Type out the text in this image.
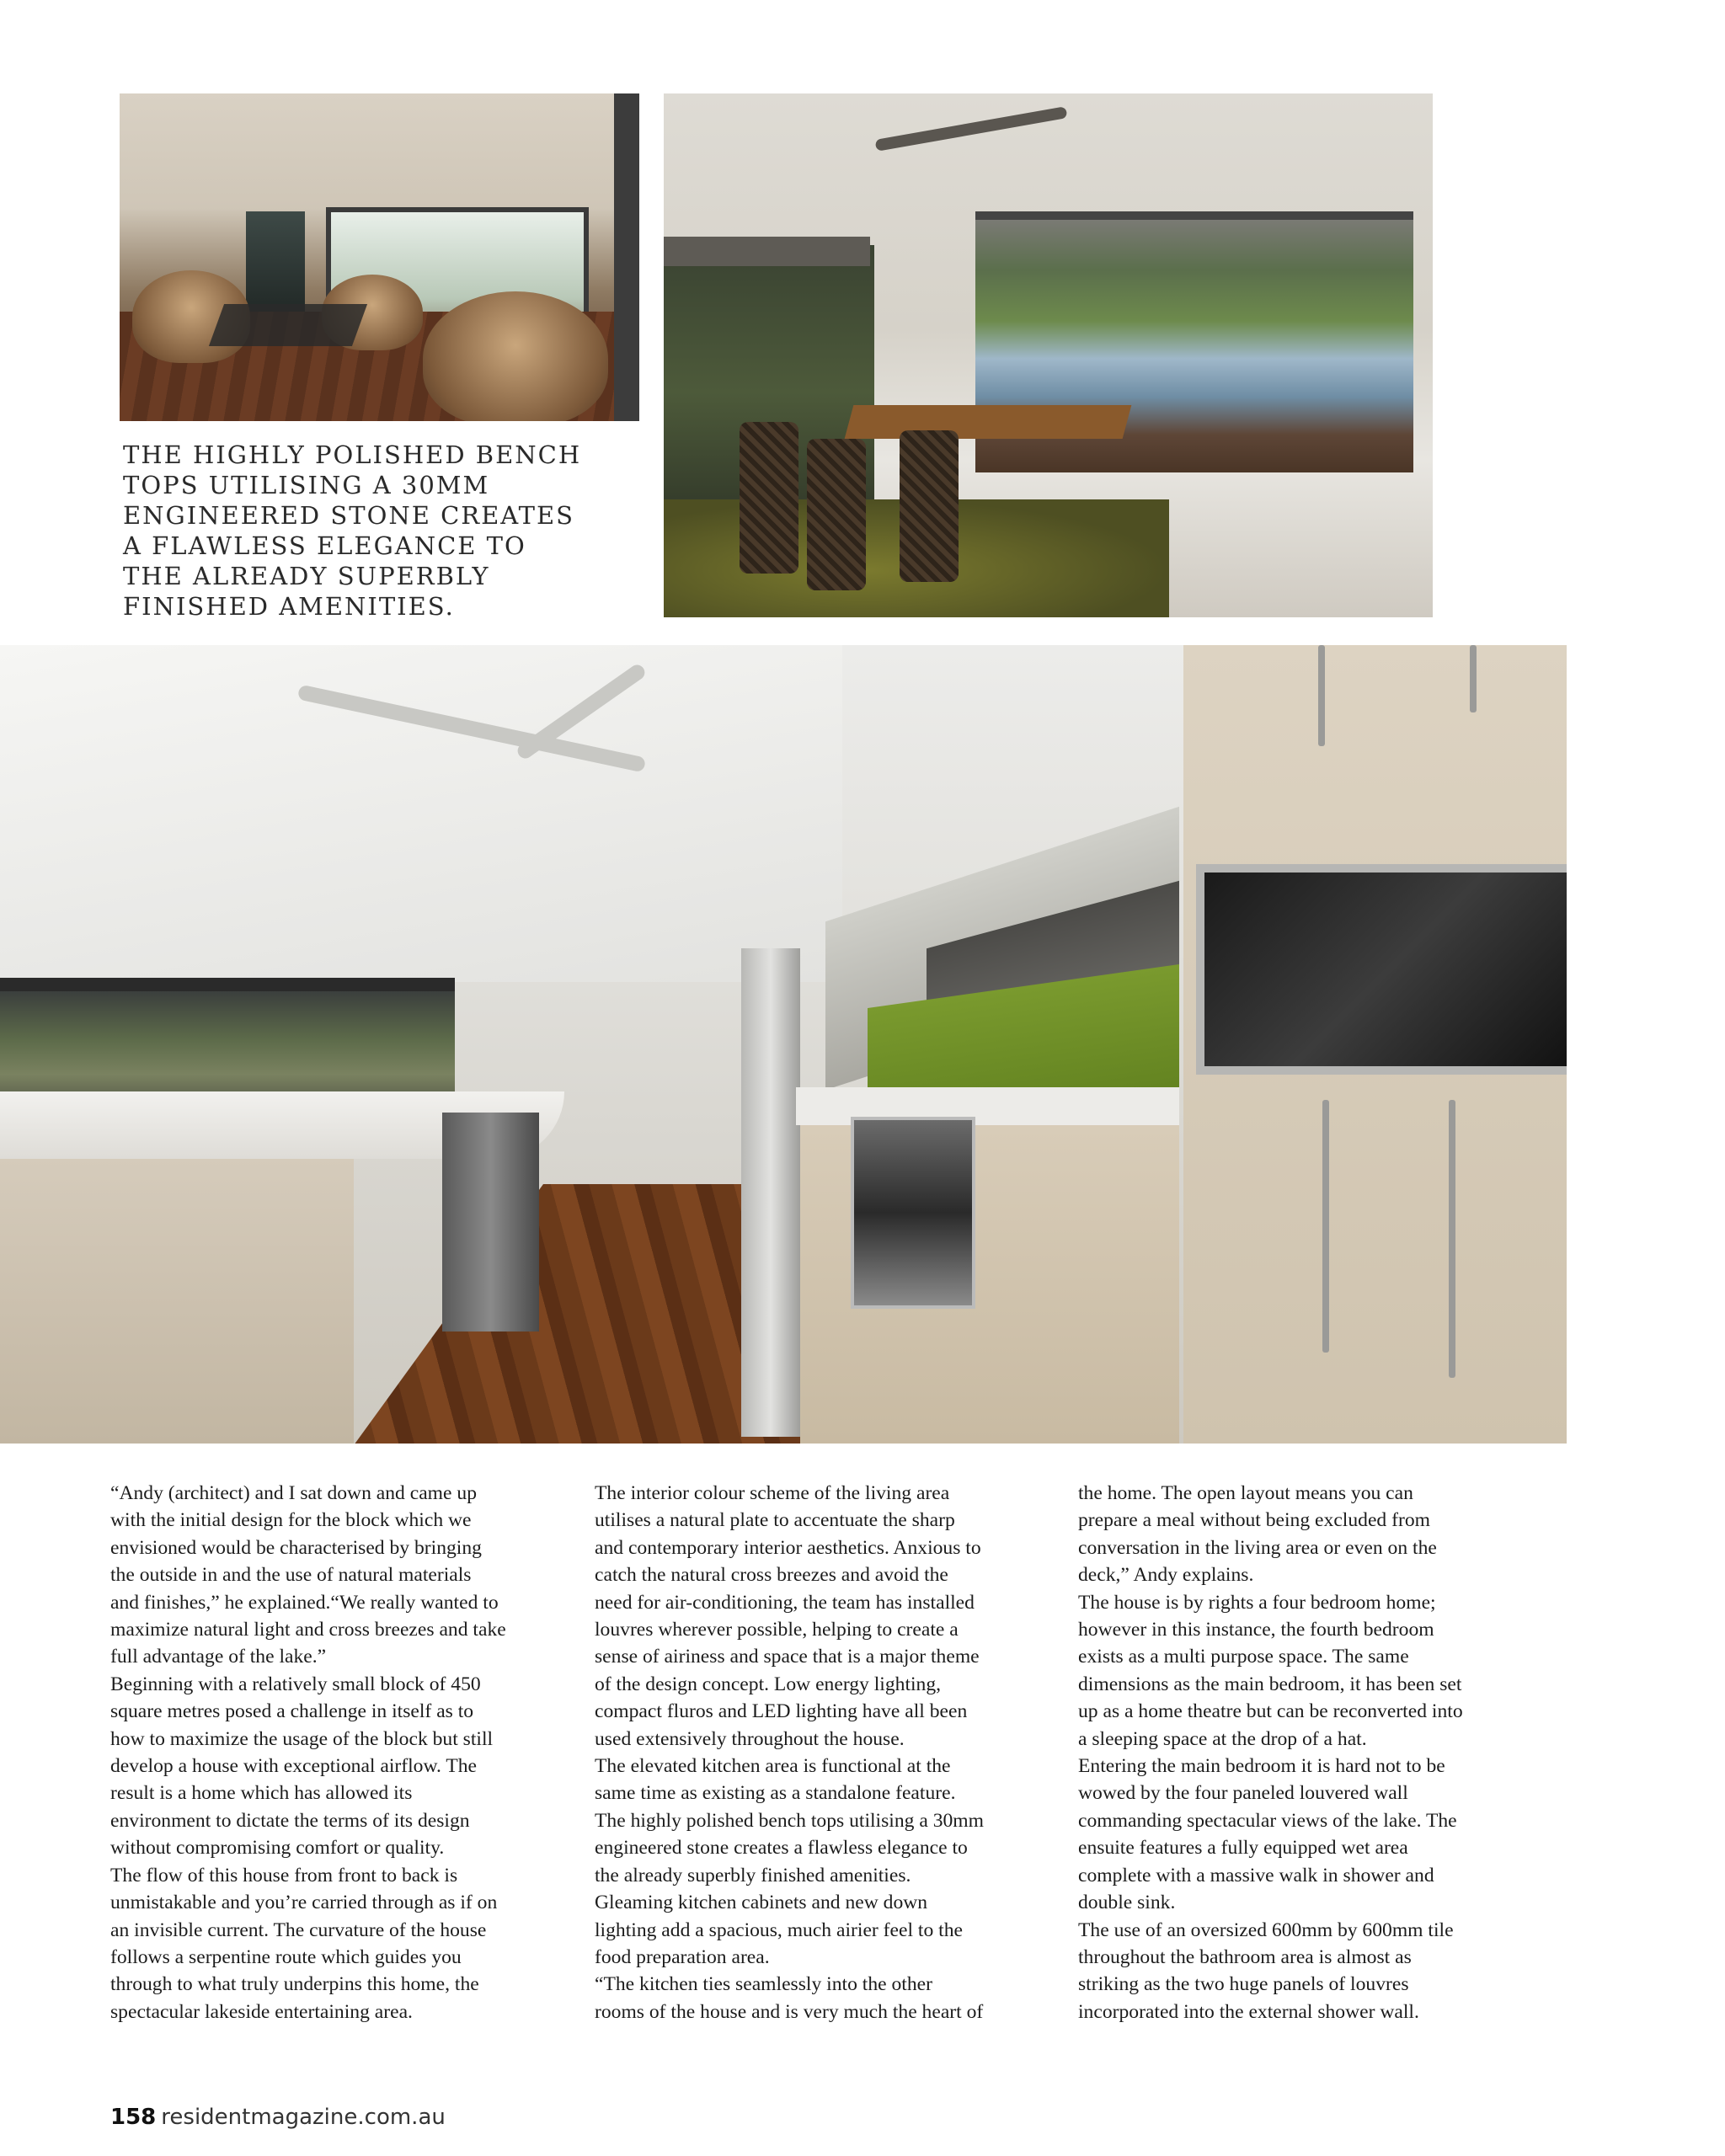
THE HIGHLY POLISHED BENCH
TOPS UTILISING A 30MM
ENGINEERED STONE CREATES
A FLAWLESS ELEGANCE TO
THE ALREADY SUPERBLY
FINISHED AMENITIES.
“Andy (architect) and I sat down and came up
with the initial design for the block which we
envisioned would be characterised by bringing
the outside in and the use of natural materials
and finishes,” he explained.“We really wanted to
maximize natural light and cross breezes and take
full advantage of the lake.”
Beginning with a relatively small block of 450
square metres posed a challenge in itself as to
how to maximize the usage of the block but still
develop a house with exceptional airflow. The
result is a home which has allowed its
environment to dictate the terms of its design
without compromising comfort or quality.
The flow of this house from front to back is
unmistakable and you’re carried through as if on
an invisible current. The curvature of the house
follows a serpentine route which guides you
through to what truly underpins this home, the
spectacular lakeside entertaining area.
The interior colour scheme of the living area
utilises a natural plate to accentuate the sharp
and contemporary interior aesthetics. Anxious to
catch the natural cross breezes and avoid the
need for air-conditioning, the team has installed
louvres wherever possible, helping to create a
sense of airiness and space that is a major theme
of the design concept. Low energy lighting,
compact fluros and LED lighting have all been
used extensively throughout the house.
The elevated kitchen area is functional at the
same time as existing as a standalone feature.
The highly polished bench tops utilising a 30mm
engineered stone creates a flawless elegance to
the already superbly finished amenities.
Gleaming kitchen cabinets and new down
lighting add a spacious, much airier feel to the
food preparation area.
“The kitchen ties seamlessly into the other
rooms of the house and is very much the heart of
the home. The open layout means you can
prepare a meal without being excluded from
conversation in the living area or even on the
deck,” Andy explains.
The house is by rights a four bedroom home;
however in this instance, the fourth bedroom
exists as a multi purpose space. The same
dimensions as the main bedroom, it has been set
up as a home theatre but can be reconverted into
a sleeping space at the drop of a hat.
Entering the main bedroom it is hard not to be
wowed by the four paneled louvered wall
commanding spectacular views of the lake. The
ensuite features a fully equipped wet area
complete with a massive walk in shower and
double sink.
The use of an oversized 600mm by 600mm tile
throughout the bathroom area is almost as
striking as the two huge panels of louvres
incorporated into the external shower wall.
158 residentmagazine.com.au
